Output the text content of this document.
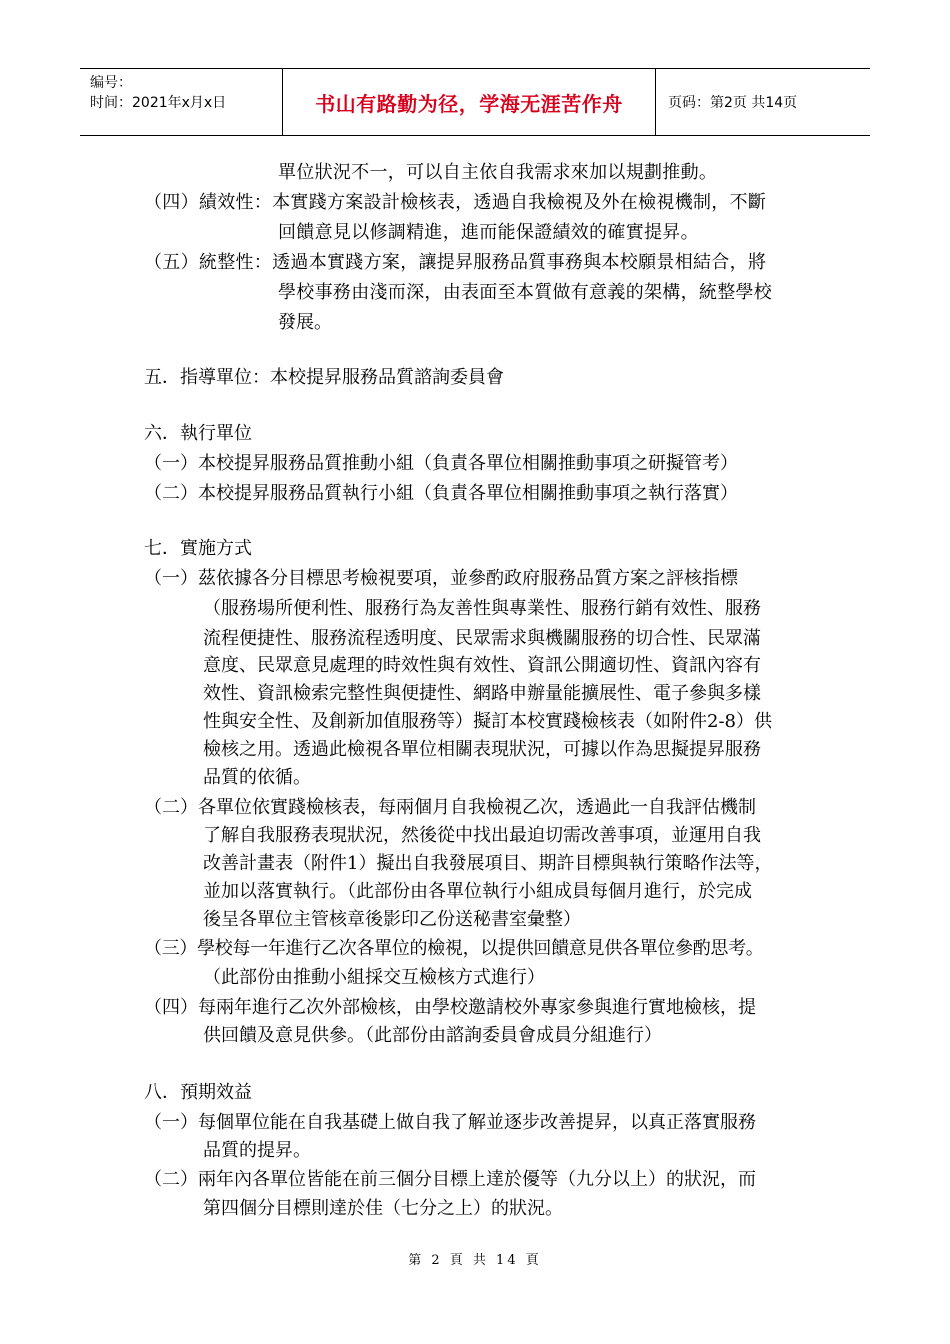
编号：
时间：2021年x月x日	书山有路勤为径，学海无涯苦作舟	页码：第2页 共14页
單位狀況不一，可以自主依自我需求來加以規劃推動。
（四）績效性：本實踐方案設計檢核表，透過自我檢視及外在檢視機制，不斷
回饋意見以修調精進，進而能保證績效的確實提昇。
（五）統整性：透過本實踐方案，讓提昇服務品質事務與本校願景相結合，將
學校事務由淺而深，由表面至本質做有意義的架構，統整學校
發展。
五．指導單位：本校提昇服務品質諮詢委員會
六．執行單位
（一）本校提昇服務品質推動小組（負責各單位相關推動事項之研擬管考）
（二）本校提昇服務品質執行小組（負責各單位相關推動事項之執行落實）
七．實施方式
（一）茲依據各分目標思考檢視要項，並參酌政府服務品質方案之評核指標
（服務場所便利性、服務行為友善性與專業性、服務行銷有效性、服務
流程便捷性、服務流程透明度、民眾需求與機關服務的切合性、民眾滿
意度、民眾意見處理的時效性與有效性、資訊公開適切性、資訊內容有
效性、資訊檢索完整性與便捷性、網路申辦量能擴展性、電子參與多樣
性與安全性、及創新加值服務等）擬訂本校實踐檢核表（如附件2-8）供
檢核之用。透過此檢視各單位相關表現狀況，可據以作為思擬提昇服務
品質的依循。
（二）各單位依實踐檢核表，每兩個月自我檢視乙次，透過此一自我評估機制
了解自我服務表現狀況，然後從中找出最迫切需改善事項，並運用自我
改善計畫表（附件1）擬出自我發展項目、期許目標與執行策略作法等，
並加以落實執行。（此部份由各單位執行小組成員每個月進行，於完成
後呈各單位主管核章後影印乙份送秘書室彙整）
（三）學校每一年進行乙次各單位的檢視，以提供回饋意見供各單位參酌思考。
（此部份由推動小組採交互檢核方式進行）
（四）每兩年進行乙次外部檢核，由學校邀請校外專家參與進行實地檢核，提
供回饋及意見供參。（此部份由諮詢委員會成員分組進行）
八．預期效益
（一）每個單位能在自我基礎上做自我了解並逐步改善提昇，以真正落實服務
品質的提昇。
（二）兩年內各單位皆能在前三個分目標上達於優等（九分以上）的狀況，而
第四個分目標則達於佳（七分之上）的狀況。
第 2 頁 共 14 頁
